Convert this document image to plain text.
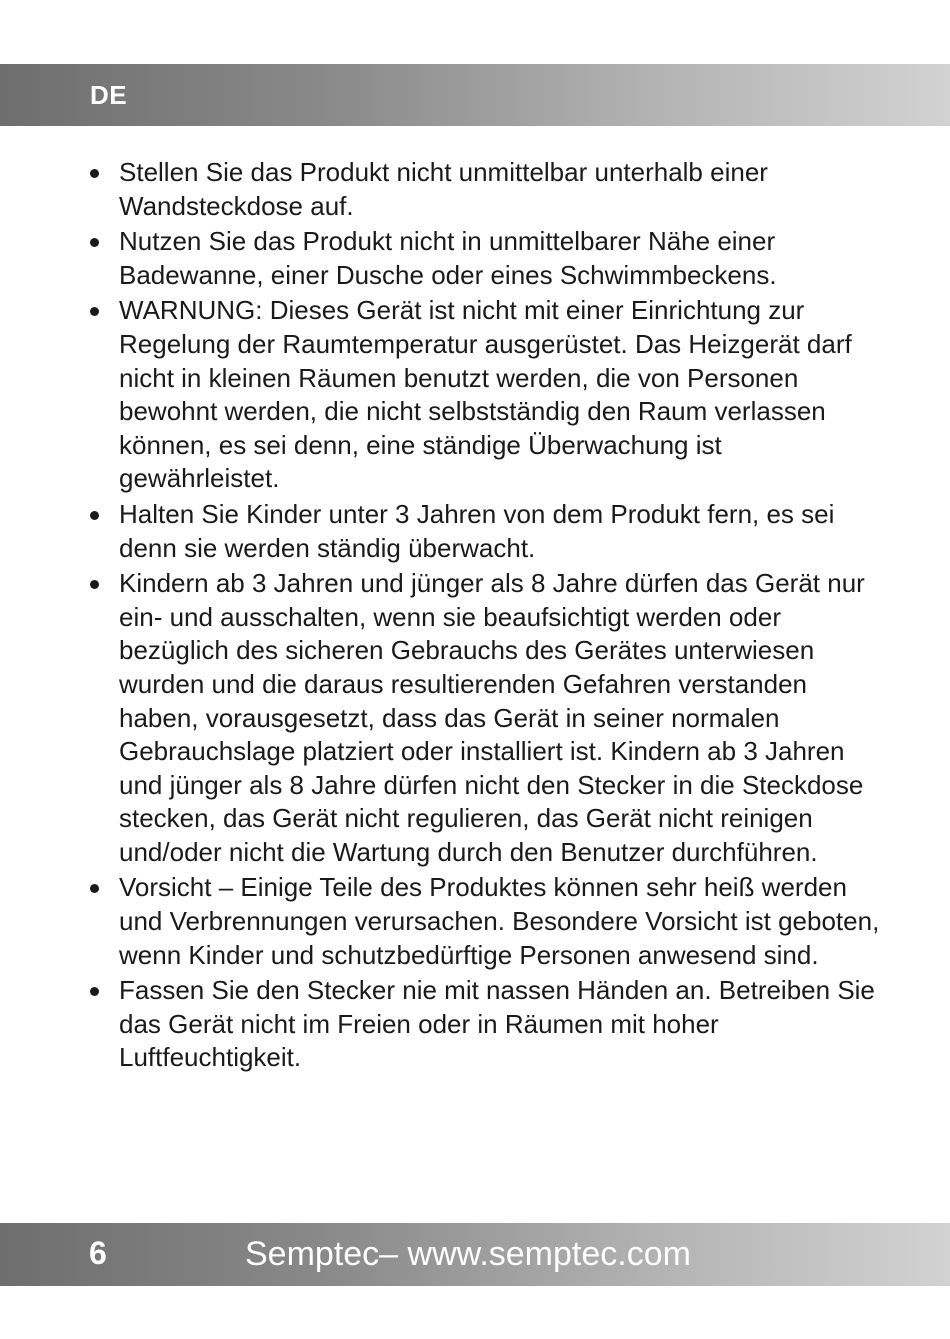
DE
Stellen Sie das Produkt nicht unmittelbar unterhalb einer Wandsteckdose auf.
Nutzen Sie das Produkt nicht in unmittelbarer Nähe einer Badewanne, einer Dusche oder eines Schwimmbeckens.
WARNUNG: Dieses Gerät ist nicht mit einer Einrichtung zur Regelung der Raumtemperatur ausgerüstet. Das Heizgerät darf nicht in kleinen Räumen benutzt werden, die von Personen bewohnt werden, die nicht selbstständig den Raum verlassen können, es sei denn, eine ständige Überwachung ist gewährleistet.
Halten Sie Kinder unter 3 Jahren von dem Produkt fern, es sei denn sie werden ständig überwacht.
Kindern ab 3 Jahren und jünger als 8 Jahre dürfen das Gerät nur ein- und ausschalten, wenn sie beaufsichtigt werden oder bezüglich des sicheren Gebrauchs des Gerätes unterwiesen wurden und die daraus resultierenden Gefahren verstanden haben, vorausgesetzt, dass das Gerät in seiner normalen Gebrauchslage platziert oder installiert ist. Kindern ab 3 Jahren und jünger als 8 Jahre dürfen nicht den Stecker in die Steckdose stecken, das Gerät nicht regulieren, das Gerät nicht reinigen und/oder nicht die Wartung durch den Benutzer durchführen.
Vorsicht – Einige Teile des Produktes können sehr heiß werden und Verbrennungen verursachen. Besondere Vorsicht ist geboten, wenn Kinder und schutzbedürftige Personen anwesend sind.
Fassen Sie den Stecker nie mit nassen Händen an. Betreiben Sie das Gerät nicht im Freien oder in Räumen mit hoher Luftfeuchtigkeit.
6	Semptec– www.semptec.com
